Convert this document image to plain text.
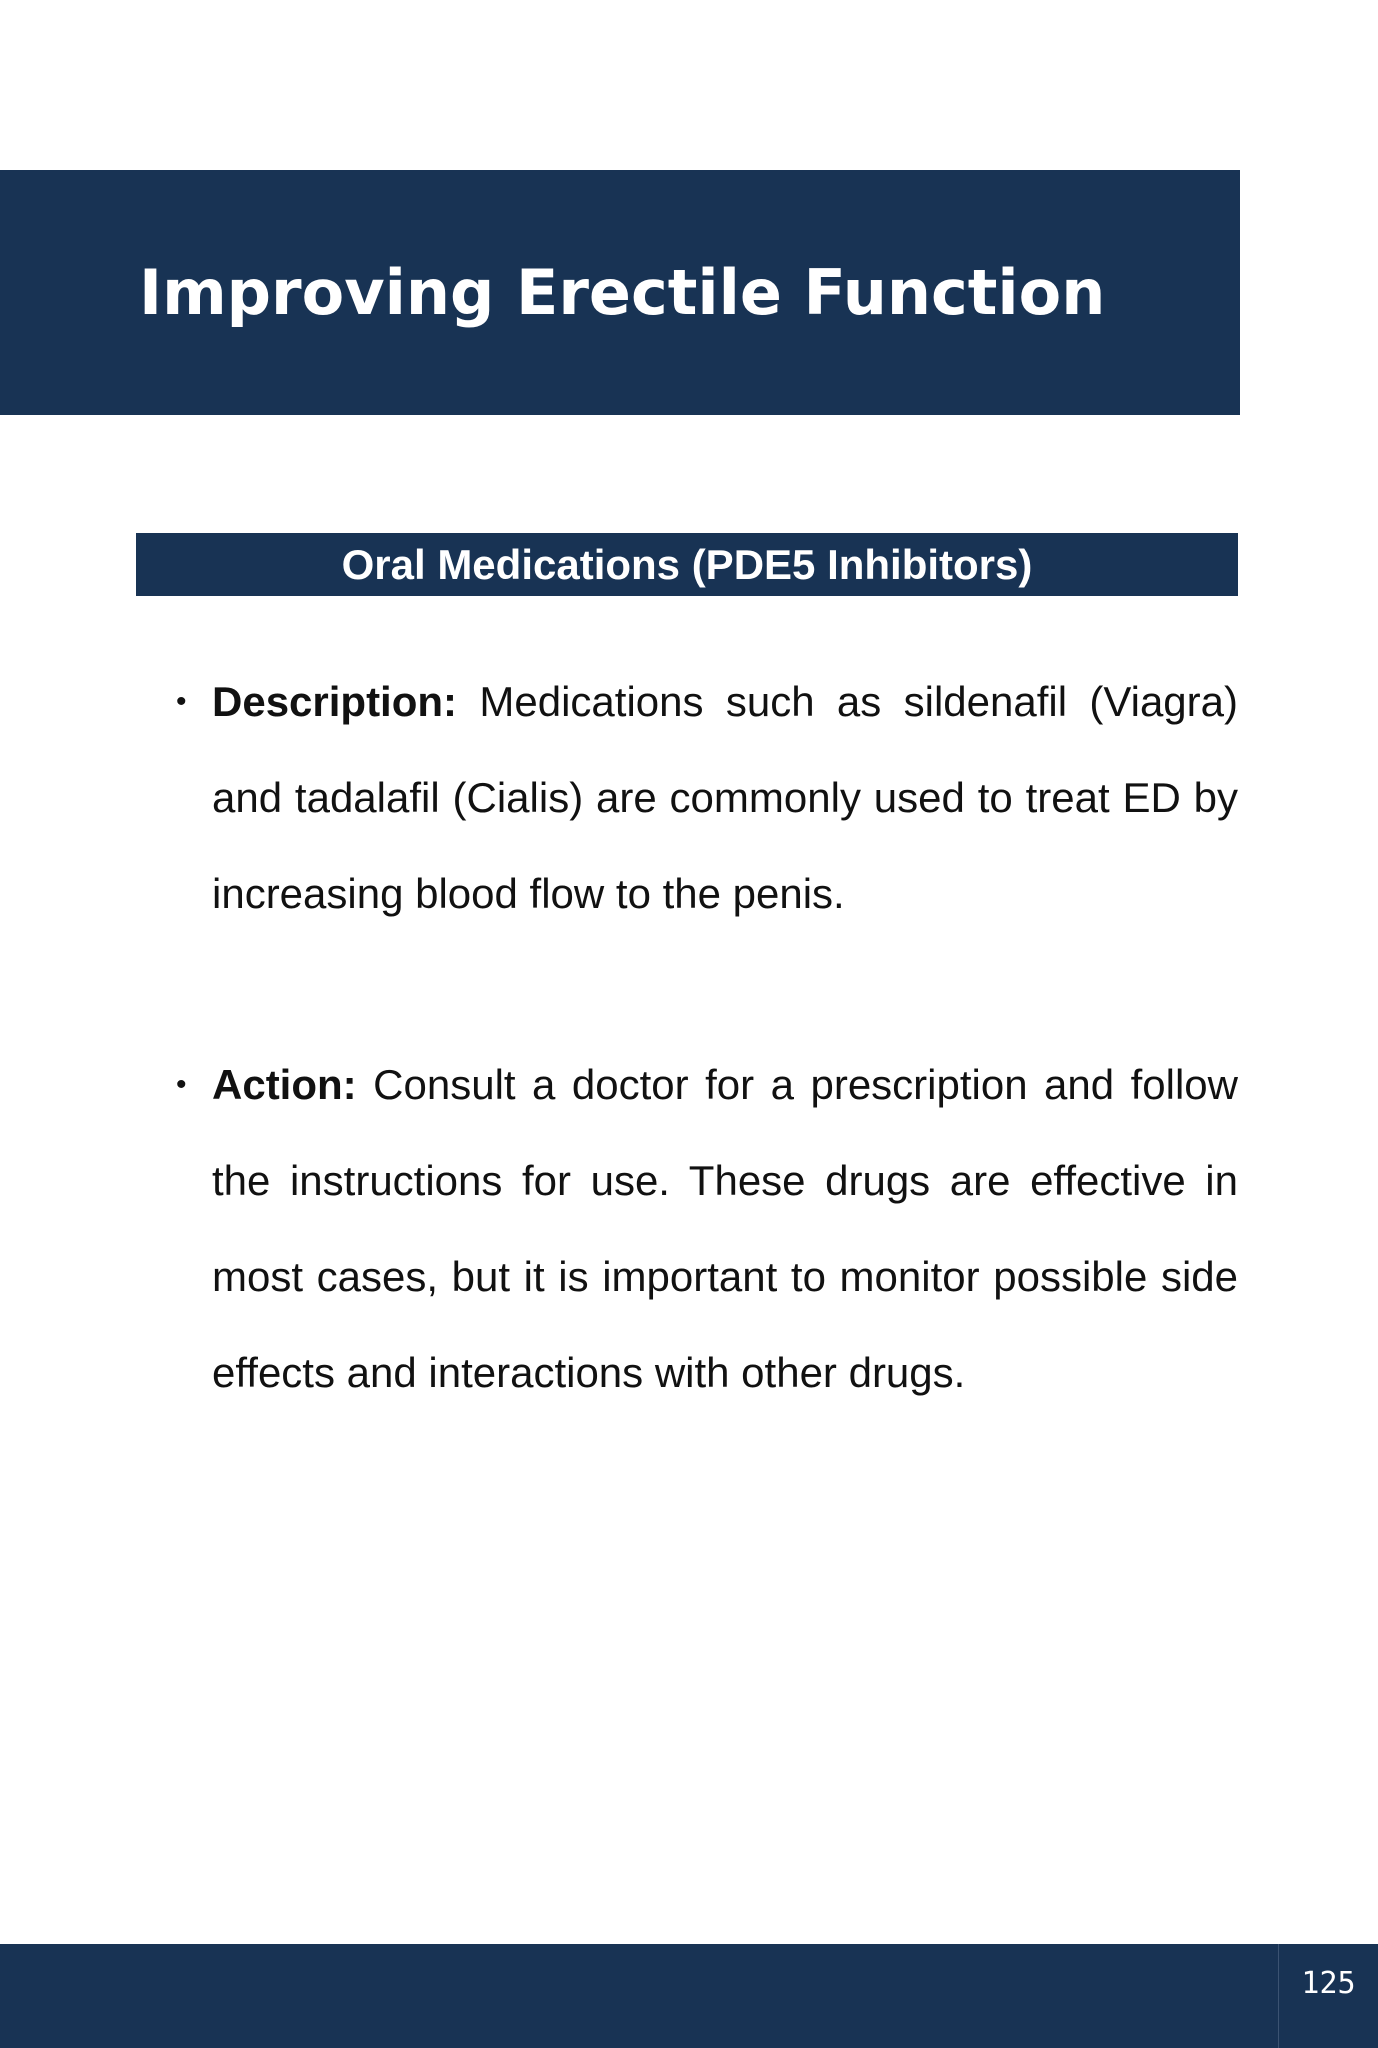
Improving Erectile Function
Oral Medications (PDE5 Inhibitors)
• Description: Medications such as sildenafil (Viagra) and tadalafil (Cialis) are commonly used to treat ED by increasing blood flow to the penis.
• Action: Consult a doctor for a prescription and follow the instructions for use. These drugs are effective in most cases, but it is important to monitor possible side effects and interactions with other drugs.
125
